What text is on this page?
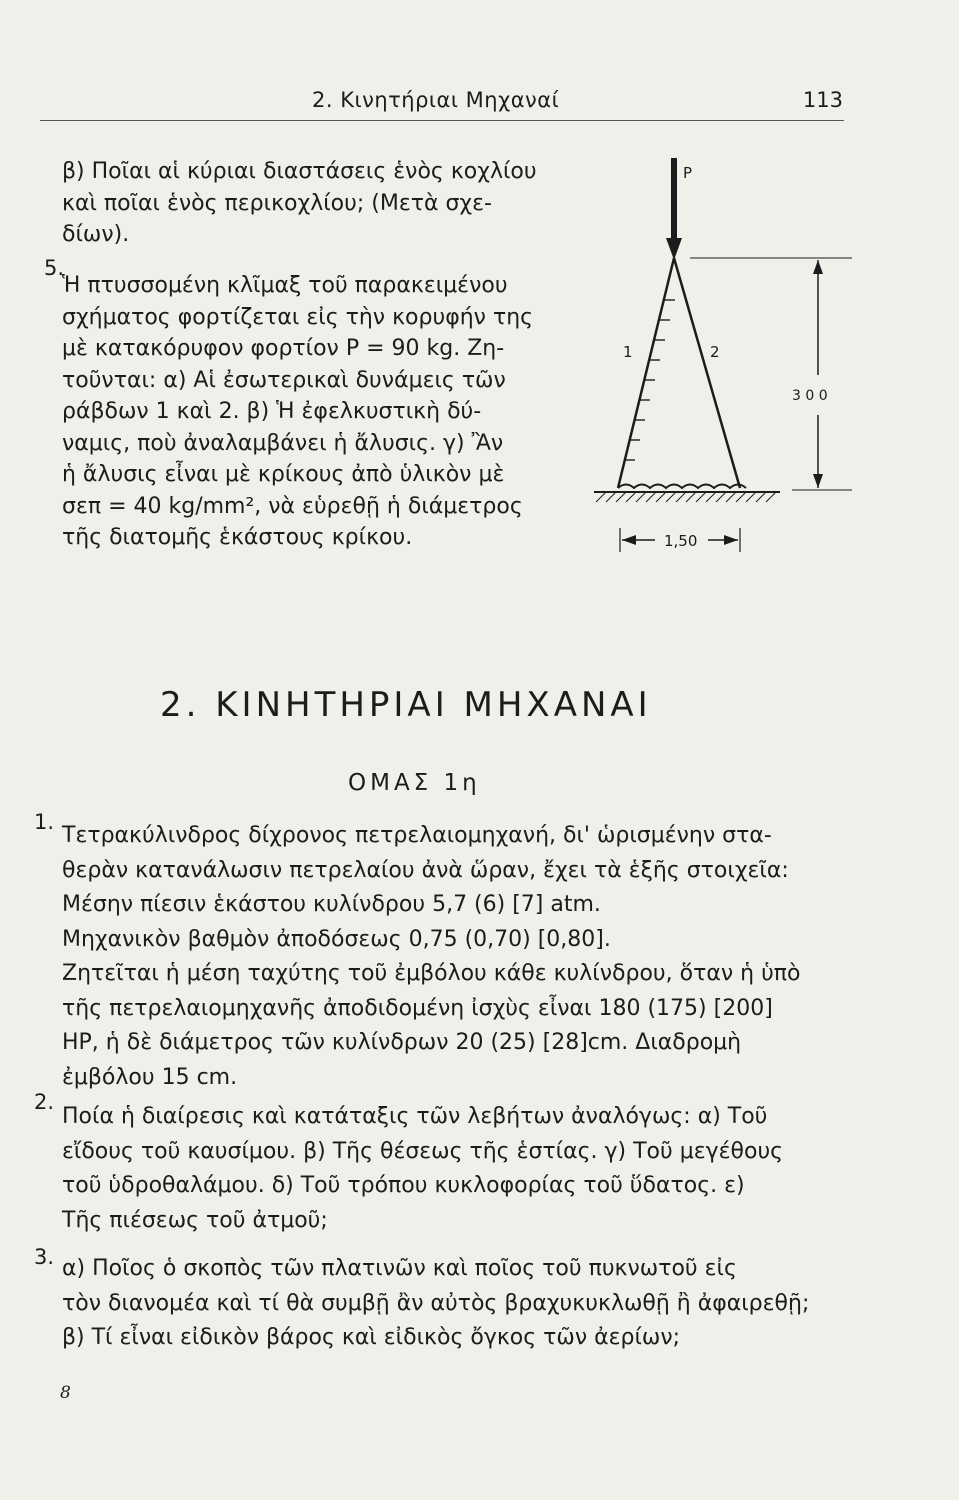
2. Κινητήριαι Μηχαναί	113
β) Ποῖαι αἱ κύριαι διαστάσεις ἑνὸς κοχλίου
καὶ ποῖαι ἑνὸς περικοχλίου; (Μετὰ σχε-
δίων).
5.
Ἡ πτυσσομένη κλῖμαξ τοῦ παρακειμένου
σχήματος φορτίζεται εἰς τὴν κορυφήν της
μὲ κατακόρυφον φορτίον P = 90 kg. Ζη-
τοῦνται: α) Αἱ ἐσωτερικαὶ δυνάμεις τῶν
ράβδων 1 καὶ 2. β) Ἡ ἐφελκυστικὴ δύ-
ναμις, ποὺ ἀναλαμβάνει ἡ ἄλυσις. γ) Ἂν
ἡ ἄλυσις εἶναι μὲ κρίκους ἀπὸ ὑλικὸν μὲ
σεπ = 40 kg/mm², νὰ εὑρεθῇ ἡ διάμετρος
τῆς διατομῆς ἑκάστους κρίκου.
P
1	2
3 0 0
1,50
2. ΚΙΝΗΤΗΡΙΑΙ ΜΗΧΑΝΑΙ
ΟΜΑΣ 1η
1.
Τετρακύλινδρος δίχρονος πετρελαιομηχανή, δι' ὡρισμένην στα-
θερὰν κατανάλωσιν πετρελαίου ἀνὰ ὥραν, ἔχει τὰ ἑξῆς στοιχεῖα:
Μέσην πίεσιν ἑκάστου κυλίνδρου 5,7 (6) [7] atm.
Μηχανικὸν βαθμὸν ἀποδόσεως 0,75 (0,70) [0,80].
Ζητεῖται ἡ μέση ταχύτης τοῦ ἐμβόλου κάθε κυλίνδρου, ὅταν ἡ ὑπὸ
τῆς πετρελαιομηχανῆς ἀποδιδομένη ἰσχὺς εἶναι 180 (175) [200]
HP, ἡ δὲ διάμετρος τῶν κυλίνδρων 20 (25) [28]cm. Διαδρομὴ
ἐμβόλου 15 cm.
2.
Ποία ἡ διαίρεσις καὶ κατάταξις τῶν λεβήτων ἀναλόγως: α) Τοῦ
εἴδους τοῦ καυσίμου. β) Τῆς θέσεως τῆς ἑστίας. γ) Τοῦ μεγέθους
τοῦ ὑδροθαλάμου. δ) Τοῦ τρόπου κυκλοφορίας τοῦ ὕδατος. ε)
Τῆς πιέσεως τοῦ ἀτμοῦ;
3. α) Ποῖος ὁ σκοπὸς τῶν πλατινῶν καὶ ποῖος τοῦ πυκνωτοῦ εἰς
τὸν διανομέα καὶ τί θὰ συμβῇ ἂν αὐτὸς βραχυκυκλωθῇ ἢ ἀφαιρεθῇ;
β) Τί εἶναι εἰδικὸν βάρος καὶ εἰδικὸς ὄγκος τῶν ἀερίων;
8
